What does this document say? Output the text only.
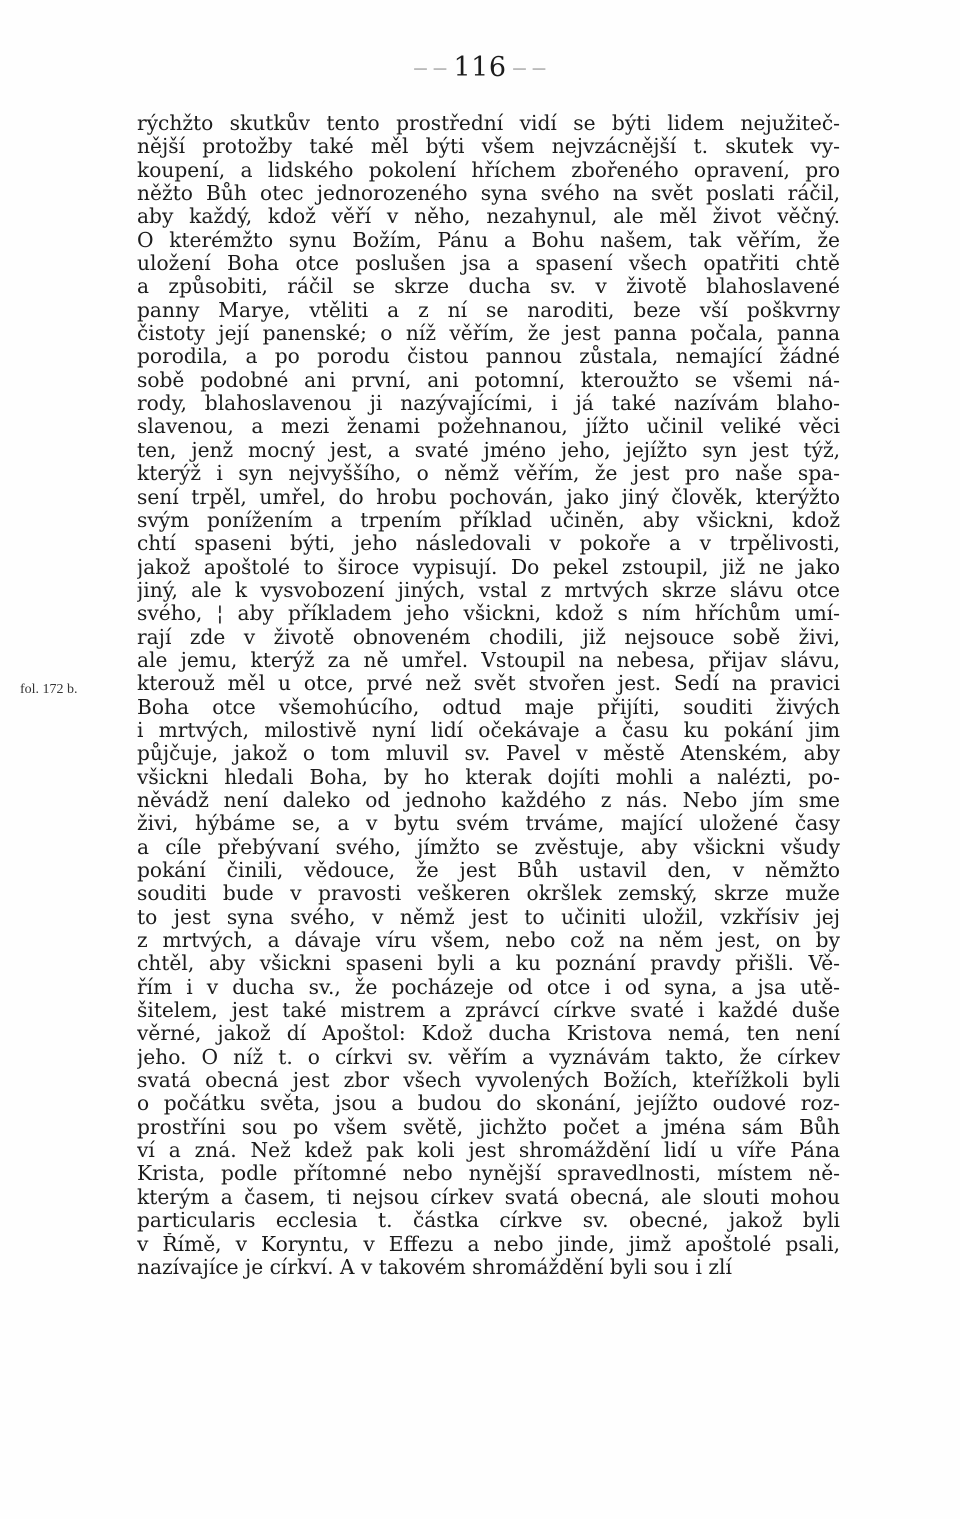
— — 116 — —
fol. 172 b.
rýchžto skutkův tento prostřední vidí se býti lidem nejužiteč-
nější protožby také měl býti všem nejvzácnější t. skutek vy-
koupení, a lidského pokolení hříchem zbořeného opravení, pro
něžto Bůh otec jednorozeného syna svého na svět poslati ráčil,
aby každý, kdož věří v něho, nezahynul, ale měl život věčný.
O kterémžto synu Božím, Pánu a Bohu našem, tak věřím, že
uložení Boha otce poslušen jsa a spasení všech opatřiti chtě
a způsobiti, ráčil se skrze ducha sv. v životě blahoslavené
panny Marye, vtěliti a z ní se naroditi, beze vší poškvrny
čistoty její panenské; o níž věřím, že jest panna počala, panna
porodila, a po porodu čistou pannou zůstala, nemající žádné
sobě podobné ani první, ani potomní, kteroužto se všemi ná-
rody, blahoslavenou ji nazývajícími, i já také nazívám blaho-
slavenou, a mezi ženami požehnanou, jížto učinil veliké věci
ten, jenž mocný jest, a svaté jméno jeho, jejížto syn jest týž,
kterýž i syn nejvyššího, o němž věřím, že jest pro naše spa-
sení trpěl, umřel, do hrobu pochován, jako jiný člověk, kterýžto
svým ponížením a trpením příklad učiněn, aby všickni, kdož
chtí spaseni býti, jeho následovali v pokoře a v trpělivosti,
jakož apoštolé to široce vypisují. Do pekel zstoupil, již ne jako
jiný, ale k vysvobození jiných, vstal z mrtvých skrze slávu otce
svého, ¦ aby příkladem jeho všickni, kdož s ním hříchům umí-
rají zde v životě obnoveném chodili, již nejsouce sobě živi,
ale jemu, kterýž za ně umřel. Vstoupil na nebesa, přijav slávu,
kterouž měl u otce, prvé než svět stvořen jest. Sedí na pravici
Boha otce všemohúcího, odtud maje přijíti, souditi živých
i mrtvých, milostivě nyní lidí očekávaje a času ku pokání jim
půjčuje, jakož o tom mluvil sv. Pavel v městě Atenském, aby
všickni hledali Boha, by ho kterak dojíti mohli a nalézti, po-
něvádž není daleko od jednoho každého z nás. Nebo jím sme
živi, hýbáme se, a v bytu svém trváme, mající uložené časy
a cíle přebývaní svého, jímžto se zvěstuje, aby všickni všudy
pokání činili, vědouce, že jest Bůh ustavil den, v němžto
souditi bude v pravosti veškeren okršlek zemský, skrze muže
to jest syna svého, v němž jest to učiniti uložil, vzkřísiv jej
z mrtvých, a dávaje víru všem, nebo což na něm jest, on by
chtěl, aby všickni spaseni byli a ku poznání pravdy přišli. Vě-
řím i v ducha sv., že pocházeje od otce i od syna, a jsa utě-
šitelem, jest také mistrem a zprávcí církve svaté i každé duše
věrné, jakož dí Apoštol: Kdož ducha Kristova nemá, ten není
jeho. O níž t. o církvi sv. věřím a vyznávám takto, že církev
svatá obecná jest zbor všech vyvolených Božích, kteřížkoli byli
o počátku světa, jsou a budou do skonání, jejížto oudové roz-
prostříni sou po všem světě, jichžto počet a jména sám Bůh
ví a zná. Než kdež pak koli jest shromáždění lidí u víře Pána
Krista, podle přítomné nebo nynější spravedlnosti, místem ně-
kterým a časem, ti nejsou církev svatá obecná, ale slouti mohou
particularis ecclesia t. částka církve sv. obecné, jakož byli
v Římě, v Koryntu, v Effezu a nebo jinde, jimž apoštolé psali,
nazívajíce je církví. A v takovém shromáždění byli sou i zlí
